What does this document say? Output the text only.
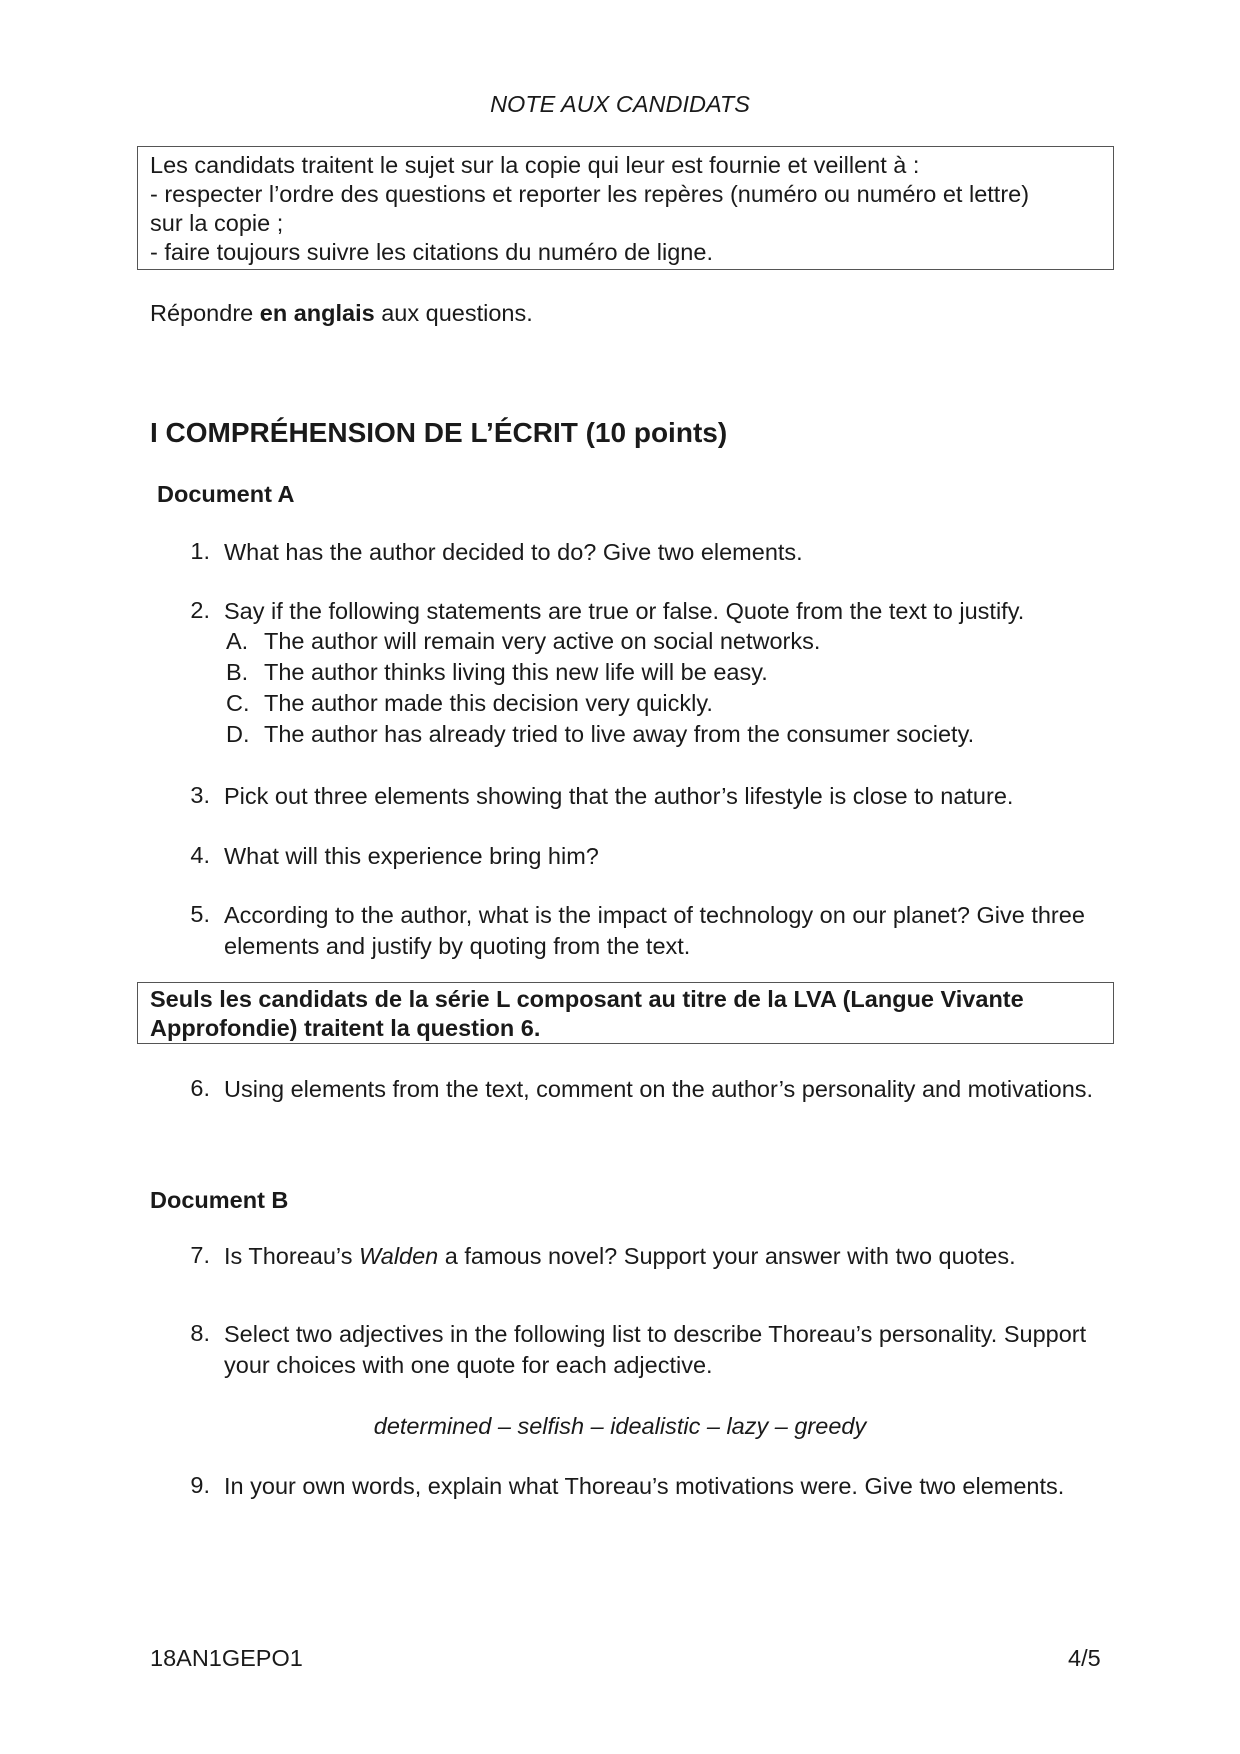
NOTE AUX CANDIDATS
Les candidats traitent le sujet sur la copie qui leur est fournie et veillent à :
- respecter l’ordre des questions et reporter les repères (numéro ou numéro et lettre)
sur la copie ;
- faire toujours suivre les citations du numéro de ligne.
Répondre en anglais aux questions.
I COMPRÉHENSION DE L’ÉCRIT (10 points)
Document A
1. What has the author decided to do? Give two elements.
2. Say if the following statements are true or false. Quote from the text to justify.
A. The author will remain very active on social networks.
B. The author thinks living this new life will be easy.
C. The author made this decision very quickly.
D. The author has already tried to live away from the consumer society.
3. Pick out three elements showing that the author’s lifestyle is close to nature.
4. What will this experience bring him?
5. According to the author, what is the impact of technology on our planet? Give three elements and justify by quoting from the text.
Seuls les candidats de la série L composant au titre de la LVA (Langue Vivante
Approfondie) traitent la question 6.
6. Using elements from the text, comment on the author’s personality and motivations.
Document B
7. Is Thoreau’s Walden a famous novel? Support your answer with two quotes.
8. Select two adjectives in the following list to describe Thoreau’s personality. Support your choices with one quote for each adjective.
determined – selfish – idealistic – lazy – greedy
9. In your own words, explain what Thoreau’s motivations were. Give two elements.
18AN1GEPO1	4/5
